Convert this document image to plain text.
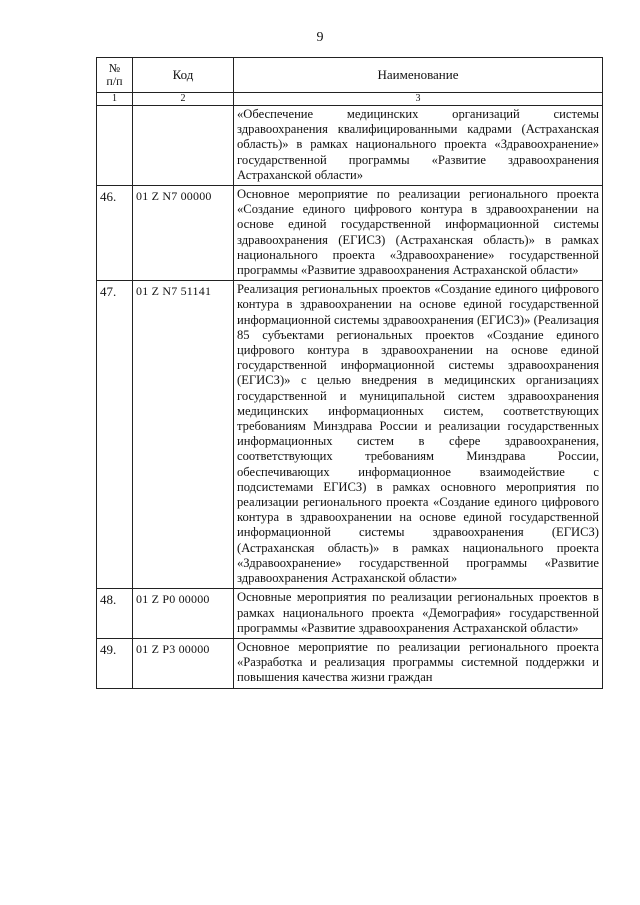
9
№
п/п	Код	Наименование
1	2	3
		«Обеспечение медицинских организаций системы здравоохранения квалифицированными кадрами (Астраханская область)» в рамках национального проекта «Здравоохранение» государственной программы «Развитие здравоохранения Астраханской области»
46.	01 Z N7 00000	Основное мероприятие по реализации регионального проекта «Создание единого цифрового контура в здравоохранении на основе единой государственной информационной системы здравоохранения (ЕГИСЗ) (Астраханская область)» в рамках национального проекта «Здравоохранение» государственной программы «Развитие здравоохранения Астраханской области»
47.	01 Z N7 51141	Реализация региональных проектов «Создание единого цифрового контура в здравоохранении на основе единой государственной информационной системы здравоохранения (ЕГИСЗ)» (Реализация 85 субъектами региональных проектов «Создание единого цифрового контура в здравоохранении на основе единой государственной информационной системы здравоохранения (ЕГИСЗ)» с целью внедрения в медицинских организациях государственной и муниципальной систем здравоохранения медицинских информационных систем, соответствующих требованиям Минздрава России и реализации государственных информационных систем в сфере здравоохранения, соответствующих требованиям Минздрава России, обеспечивающих информационное взаимодействие с подсистемами ЕГИСЗ) в рамках основного мероприятия по реализации регионального проекта «Создание единого цифрового контура в здравоохранении на основе единой государственной информационной системы здравоохранения (ЕГИСЗ) (Астраханская область)» в рамках национального проекта «Здравоохранение» государственной программы «Развитие здравоохранения Астраханской области»
48.	01 Z P0 00000	Основные мероприятия по реализации региональных проектов в рамках национального проекта «Демография» государственной программы «Развитие здравоохранения Астраханской области»
49.	01 Z P3 00000	Основное мероприятие по реализации регионального проекта «Разработка и реализация программы системной поддержки и повышения качества жизни граждан
